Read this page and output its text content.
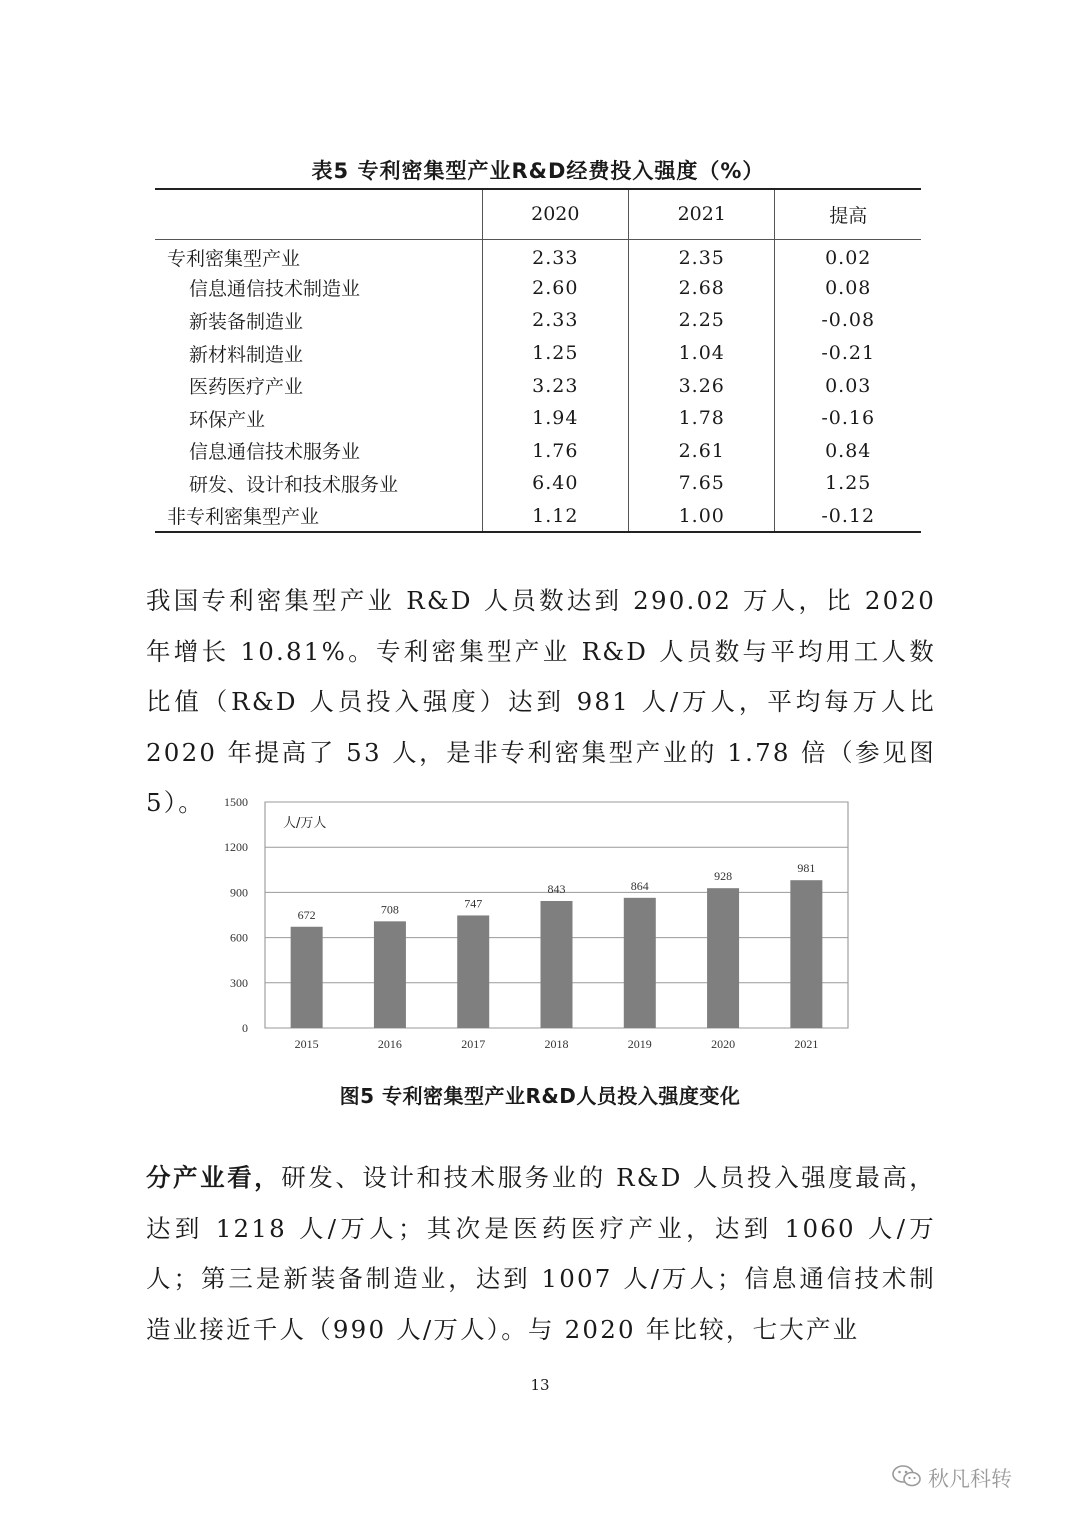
表5 专利密集型产业R&D经费投入强度（%）
	2020	2021	提高
专利密集型产业	2.33	2.35	0.02
信息通信技术制造业	2.60	2.68	0.08
新装备制造业	2.33	2.25	-0.08
新材料制造业	1.25	1.04	-0.21
医药医疗产业	3.23	3.26	0.03
环保产业	1.94	1.78	-0.16
信息通信技术服务业	1.76	2.61	0.84
研发、设计和技术服务业	6.40	7.65	1.25
非专利密集型产业	1.12	1.00	-0.12

我国专利密集型产业 R&D 人员数达到 290.02 万人，比 2020 年增长 10.81%。专利密集型产业 R&D 人员数与平均用工人数比值（R&D 人员投入强度）达到 981 人/万人，平均每万人比 2020 年提高了 53 人，是非专利密集型产业的 1.78 倍（参见图 5）。

0
300
600
900
1200
1500
672
2015
708
2016
747
2017
843
2018
864
2019
928
2020
981
2021
人/万人
图5 专利密集型产业R&D人员投入强度变化

分产业看，研发、设计和技术服务业的 R&D 人员投入强度最高，达到 1218 人/万人；其次是医药医疗产业，达到 1060 人/万人；第三是新装备制造业，达到 1007 人/万人；信息通信技术制造业接近千人（990 人/万人）。与 2020 年比较，七大产业

13
秋凡科转
